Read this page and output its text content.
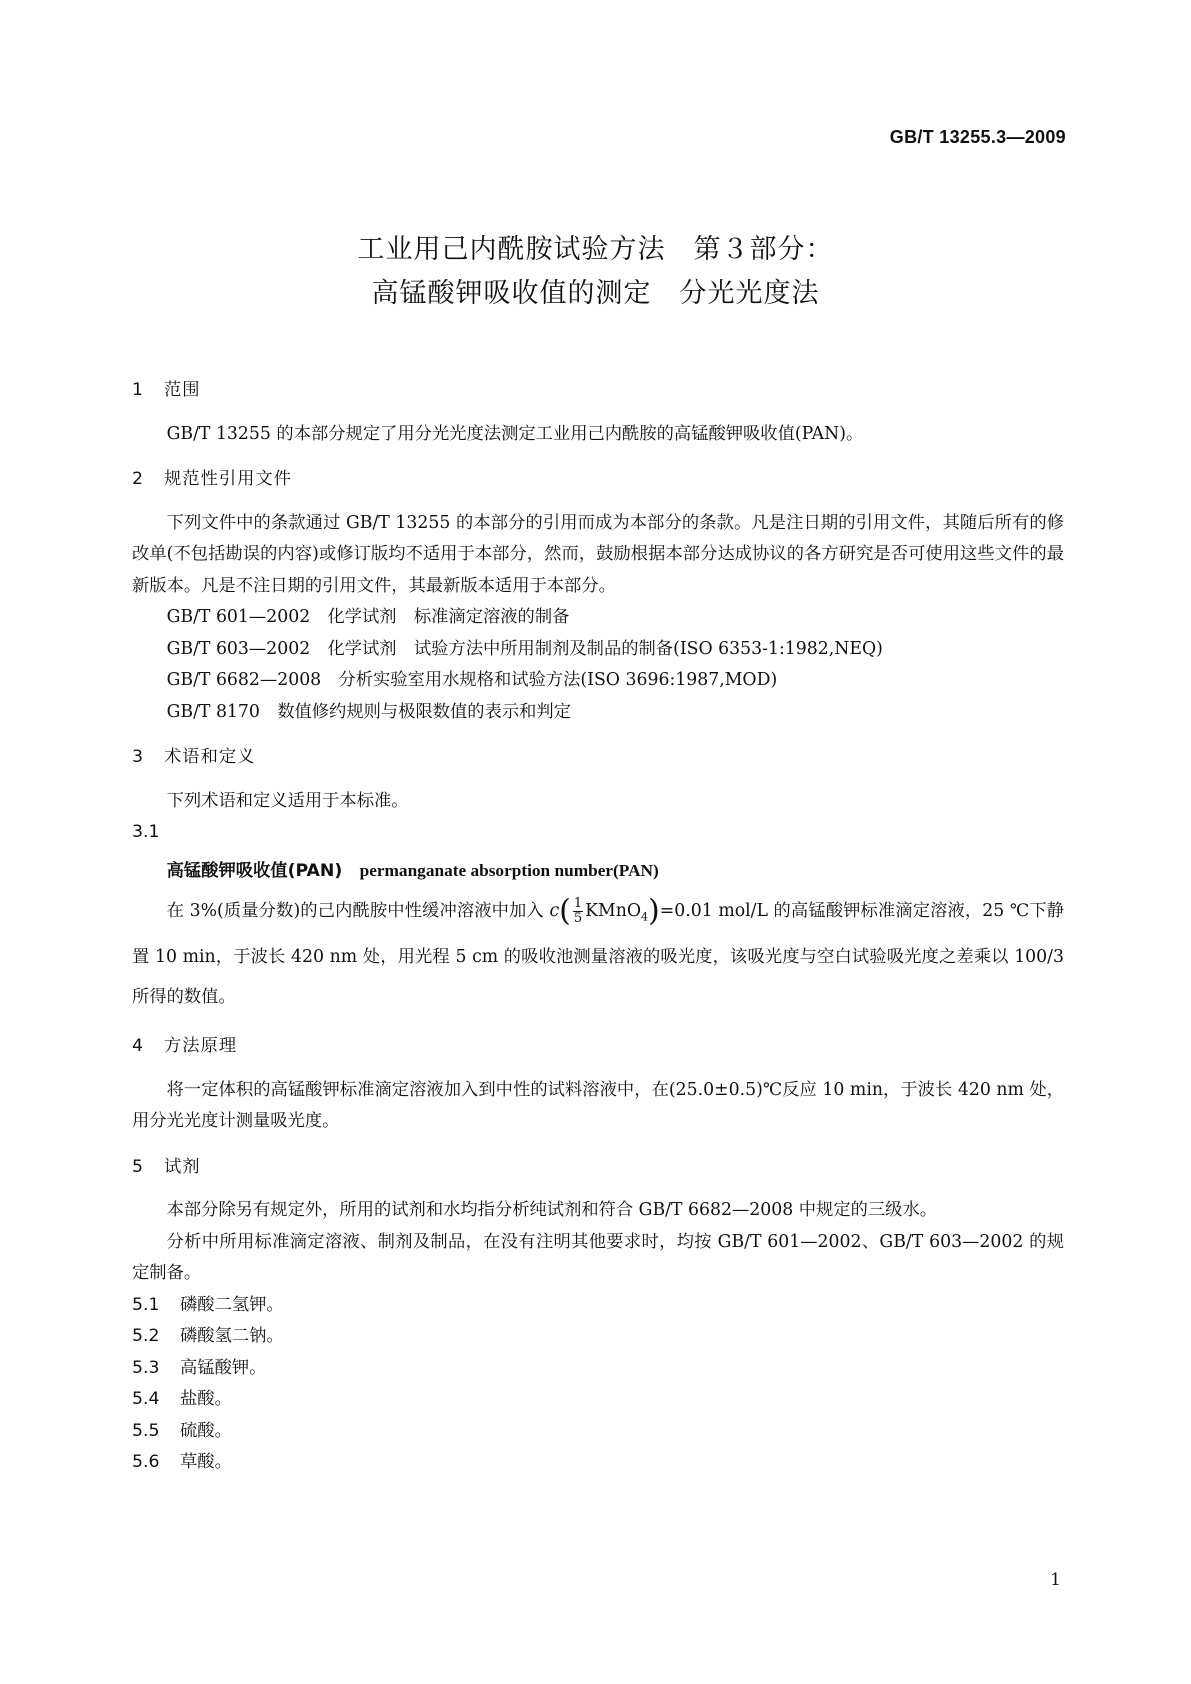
GB/T 13255.3—2009
工业用己内酰胺试验方法　第３部分：
高锰酸钾吸收值的测定　分光光度法
1 范围

GB/T 13255 的本部分规定了用分光光度法测定工业用己内酰胺的高锰酸钾吸收值(PAN)。

2 规范性引用文件

下列文件中的条款通过 GB/T 13255 的本部分的引用而成为本部分的条款。凡是注日期的引用文件，其随后所有的修改单(不包括勘误的内容)或修订版均不适用于本部分，然而，鼓励根据本部分达成协议的各方研究是否可使用这些文件的最新版本。凡是不注日期的引用文件，其最新版本适用于本部分。

GB/T 601—2002　化学试剂　标准滴定溶液的制备

GB/T 603—2002　化学试剂　试验方法中所用制剂及制品的制备(ISO 6353-1:1982,NEQ)

GB/T 6682—2008　分析实验室用水规格和试验方法(ISO 3696:1987,MOD)

GB/T 8170　数值修约规则与极限数值的表示和判定

3 术语和定义

下列术语和定义适用于本标准。

3.1

高锰酸钾吸收值(PAN)　 permanganate absorption number(PAN)

在 3%(质量分数)的己内酰胺中性缓冲溶液中加入 $c( \frac{1}{5}$ KMnO$_4$)=0.01 mol/L 的高锰酸钾标准滴定溶液，25 ℃下静置 10 min，于波长 420 nm 处，用光程 5 cm 的吸收池测量溶液的吸光度，该吸光度与空白试验吸光度之差乘以 100/3 所得的数值。

4 方法原理

将一定体积的高锰酸钾标准滴定溶液加入到中性的试料溶液中，在(25.0±0.5)℃反应 10 min，于波长 420 nm 处，用分光光度计测量吸光度。

5 试剂

本部分除另有规定外，所用的试剂和水均指分析纯试剂和符合 GB/T 6682—2008 中规定的三级水。

分析中所用标准滴定溶液、制剂及制品，在没有注明其他要求时，均按 GB/T 601—2002、GB/T 603—2002 的规定制备。

5.1 磷酸二氢钾。

5.2 磷酸氢二钠。

5.3 高锰酸钾。

5.4 盐酸。

5.5 硫酸。

5.6 草酸。

1
